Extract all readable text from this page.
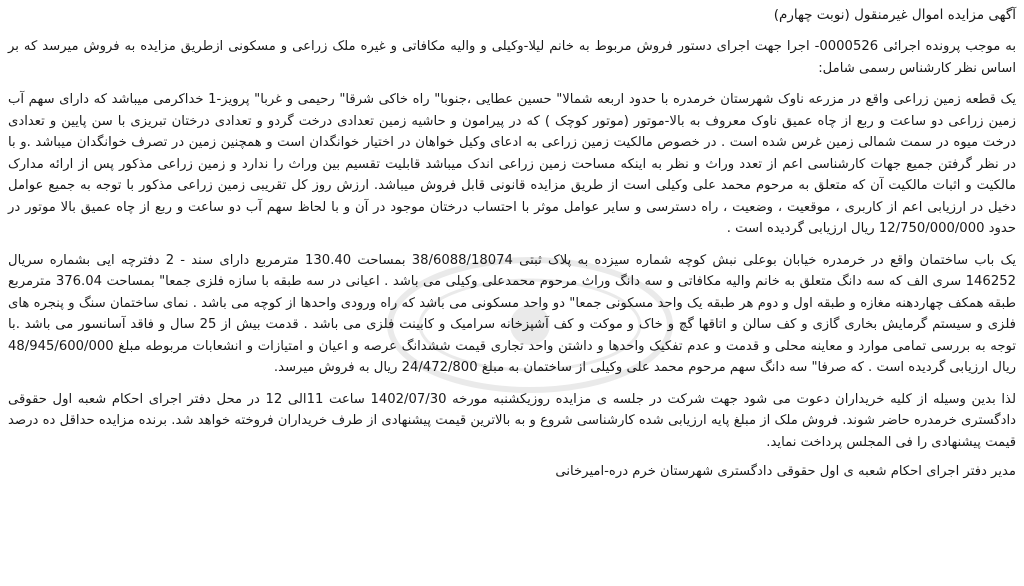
آگهی مزایده اموال غیرمنقول (نوبت چهارم)

به موجب پرونده اجرائی 0000526- اجرا جهت اجرای دستور فروش مربوط به خانم لیلا-وکیلی و والیه مکافاتی و غیره ملک زراعی و مسکونی ازطریق مزایده به فروش میرسد که بر اساس نظر کارشناس رسمی شامل:

یک قطعه زمین زراعی واقع در مزرعه ناوک شهرستان خرمدره با حدود اربعه شمالا" حسین عطایی ،جنوبا" راه خاکی شرقا" رحیمی و غربا" پرویز-1 خداکرمی میباشد که دارای سهم آب زمین زراعی دو ساعت و ربع از چاه عمیق ناوک معروف به بالا-موتور (موتور کوچک ) که در پیرامون و حاشیه زمین تعدادی درخت گردو و تعدادی درختان تبریزی با سن پایین و تعدادی درخت میوه در سمت شمالی زمین غرس شده است . در خصوص مالکیت زمین زراعی به ادعای وکیل خواهان در اختیار خوانگدان است و همچنین زمین در تصرف خوانگدان میباشد .و با در نظر گرفتن جمیع جهات کارشناسی اعم از تعدد وراث و نظر به اینکه مساحت زمین زراعی اندک میباشد قابلیت تقسیم بین وراث را ندارد و زمین زراعی مذکور پس از ارائه مدارک مالکیت و اثبات مالکیت آن که متعلق به مرحوم محمد علی وکیلی است از طریق مزایده قانونی قابل فروش میباشد. ارزش روز کل تقریبی زمین زراعی مذکور با توجه به جمیع عوامل دخیل در ارزیابی اعم از کاربری ، موقعیت ، وضعیت ، راه دسترسی و سایر عوامل موثر با احتساب درختان موجود در آن و با لحاظ سهم آب دو ساعت و ربع از چاه عمیق بالا موتور در حدود 12/750/000/000 ریال ارزیابی گردیده است .

یک باب ساختمان واقع در خرمدره خیابان بوعلی نبش کوچه شماره سیزده به پلاک ثبتی 38/6088/18074 بمساحت 130.40 مترمربع دارای سند - 2 دفترچه ایی بشماره سریال 146252 سری الف که سه دانگ متعلق به خانم والیه مکافاتی و سه دانگ وراث مرحوم محمدعلی وکیلی می باشد . اعیانی در سه طبقه با سازه فلزی جمعا" بمساحت 376.04 مترمربع طبقه همکف چهاردهنه مغازه و طبقه اول و دوم هر طبقه یک واحد مسکونی جمعا" دو واحد مسکونی می باشد که راه ورودی واحدها از کوچه می باشد . نمای ساختمان سنگ و پنجره های فلزی و سیستم گرمایش بخاری گازی و کف سالن و اتاقها گچ و خاک و موکت و کف آشپزخانه سرامیک و کابینت فلزی می باشد . قدمت بیش از 25 سال و فاقد آسانسور می باشد .با توجه به بررسی تمامی موارد و معاینه محلی و قدمت و عدم تفکیک واحدها و داشتن واحد تجاری قیمت ششدانگ عرصه و اعیان و امتیازات و انشعابات مربوطه مبلغ 48/945/600/000 ریال ارزیابی گردیده است . که صرفا" سه دانگ سهم مرحوم محمد علی وکیلی از ساختمان به مبلغ 24/472/800 ریال به فروش میرسد.

لذا بدین وسیله از کلیه خریداران دعوت می شود جهت شرکت در جلسه ی مزایده روزیکشنبه مورخه 1402/07/30 ساعت 11الی 12 در محل دفتر اجرای احکام شعبه اول حقوقی دادگستری خرمدره حاضر شوند. فروش ملک از مبلغ پایه ارزیابی شده کارشناسی شروع و به بالاترین قیمت پیشنهادی از طرف خریداران فروخته خواهد شد. برنده مزایده حداقل ده درصد قیمت پیشنهادی را فی المجلس پرداخت نماید.

مدیر دفتر اجرای احکام شعبه ی اول حقوقی دادگستری شهرستان خرم دره-امیرخانی
